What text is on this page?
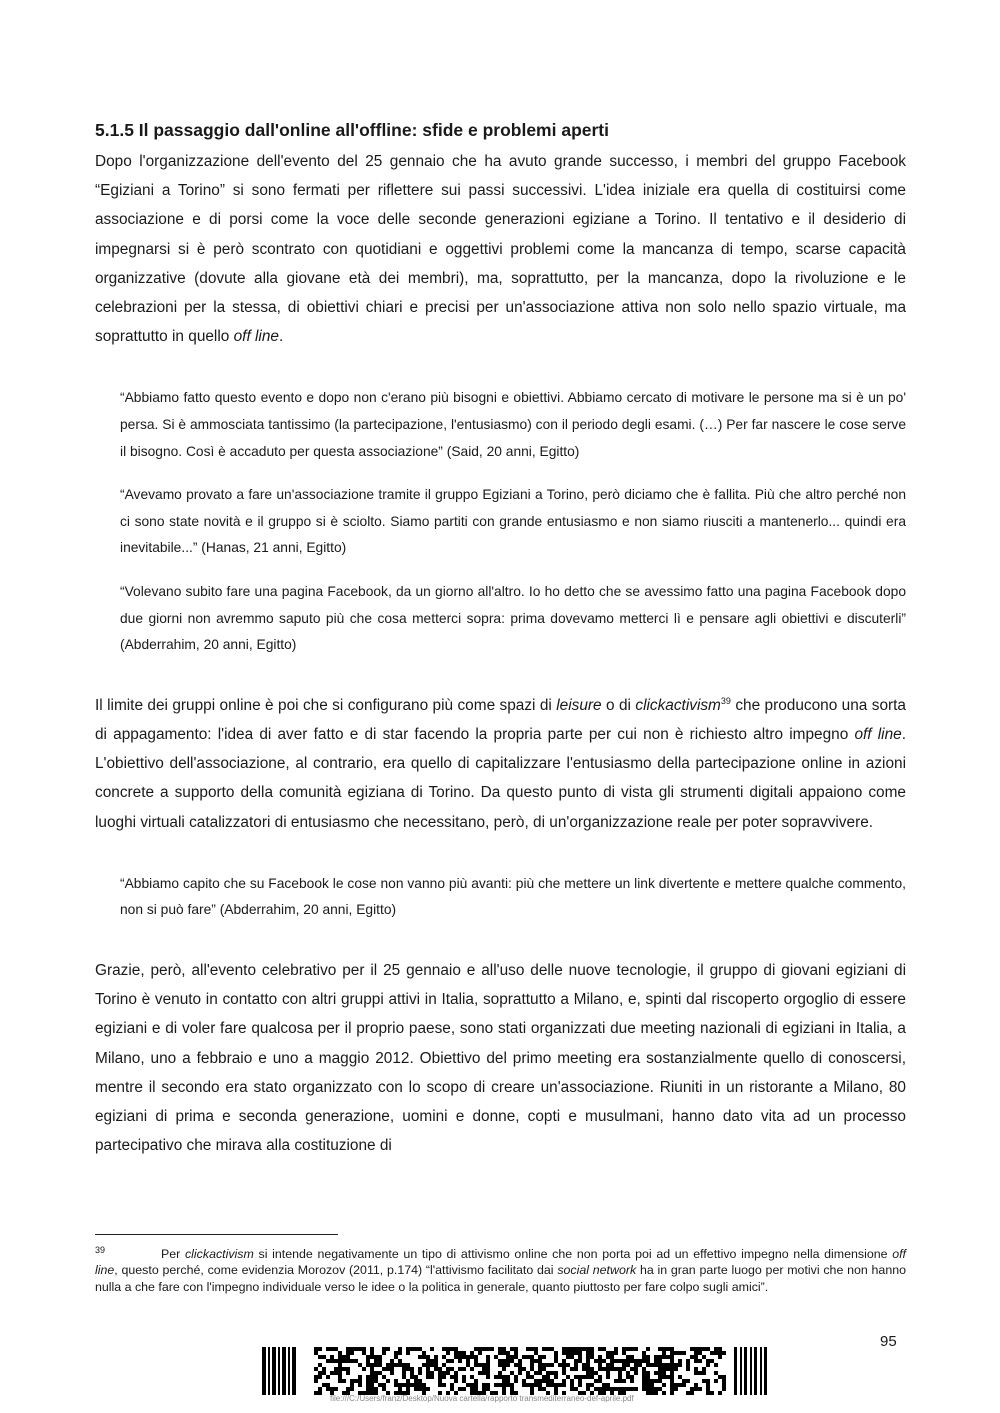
5.1.5 Il passaggio dall'online all'offline: sfide e problemi aperti

Dopo l'organizzazione dell'evento del 25 gennaio che ha avuto grande successo, i membri del gruppo Facebook “Egiziani a Torino” si sono fermati per riflettere sui passi successivi. L'idea iniziale era quella di costituirsi come associazione e di porsi come la voce delle seconde generazioni egiziane a Torino. Il tentativo e il desiderio di impegnarsi si è però scontrato con quotidiani e oggettivi problemi come la mancanza di tempo, scarse capacità organizzative (dovute alla giovane età dei membri), ma, soprattutto, per la mancanza, dopo la rivoluzione e le celebrazioni per la stessa, di obiettivi chiari e precisi per un'associazione attiva non solo nello spazio virtuale, ma soprattutto in quello off line.

“Abbiamo fatto questo evento e dopo non c'erano più bisogni e obiettivi. Abbiamo cercato di motivare le persone ma si è un po' persa. Si è ammosciata tantissimo (la partecipazione, l'entusiasmo) con il periodo degli esami. (…) Per far nascere le cose serve il bisogno. Così è accaduto per questa associazione” (Said, 20 anni, Egitto)
“Avevamo provato a fare un'associazione tramite il gruppo Egiziani a Torino, però diciamo che è fallita. Più che altro perché non ci sono state novità e il gruppo si è sciolto. Siamo partiti con grande entusiasmo e non siamo riusciti a mantenerlo... quindi era inevitabile...” (Hanas, 21 anni, Egitto)
“Volevano subito fare una pagina Facebook, da un giorno all'altro. Io ho detto che se avessimo fatto una pagina Facebook dopo due giorni non avremmo saputo più che cosa metterci sopra: prima dovevamo metterci lì e pensare agli obiettivi e discuterli” (Abderrahim, 20 anni, Egitto)

Il limite dei gruppi online è poi che si configurano più come spazi di leisure o di clickactivism$^{39}$ che producono una sorta di appagamento: l'idea di aver fatto e di star facendo la propria parte per cui non è richiesto altro impegno off line. L'obiettivo dell'associazione, al contrario, era quello di capitalizzare l'entusiasmo della partecipazione online in azioni concrete a supporto della comunità egiziana di Torino. Da questo punto di vista gli strumenti digitali appaiono come luoghi virtuali catalizzatori di entusiasmo che necessitano, però, di un'organizzazione reale per poter sopravvivere.

“Abbiamo capito che su Facebook le cose non vanno più avanti: più che mettere un link divertente e mettere qualche commento, non si può fare” (Abderrahim, 20 anni, Egitto)

Grazie, però, all'evento celebrativo per il 25 gennaio e all'uso delle nuove tecnologie, il gruppo di giovani egiziani di Torino è venuto in contatto con altri gruppi attivi in Italia, soprattutto a Milano, e, spinti dal riscoperto orgoglio di essere egiziani e di voler fare qualcosa per il proprio paese, sono stati organizzati due meeting nazionali di egiziani in Italia, a Milano, uno a febbraio e uno a maggio 2012. Obiettivo del primo meeting era sostanzialmente quello di conoscersi, mentre il secondo era stato organizzato con lo scopo di creare un'associazione. Riuniti in un ristorante a Milano, 80 egiziani di prima e seconda generazione, uomini e donne, copti e musulmani, hanno dato vita ad un processo partecipativo che mirava alla costituzione di

$^{39}$	Per clickactivism si intende negativamente un tipo di attivismo online che non porta poi ad un effettivo impegno nella dimensione off line, questo perché, come evidenzia Morozov (2011, p.174) “l'attivismo facilitato dai social network ha in gran parte luogo per motivi che non hanno nulla a che fare con l'impegno individuale verso le idee o la politica in generale, quanto piuttosto per fare colpo sugli amici”.
95
file:///C:/Users/franz/Desktop/Nuova cartella/rapporto transmediterraneo-def-aprile.pdf
